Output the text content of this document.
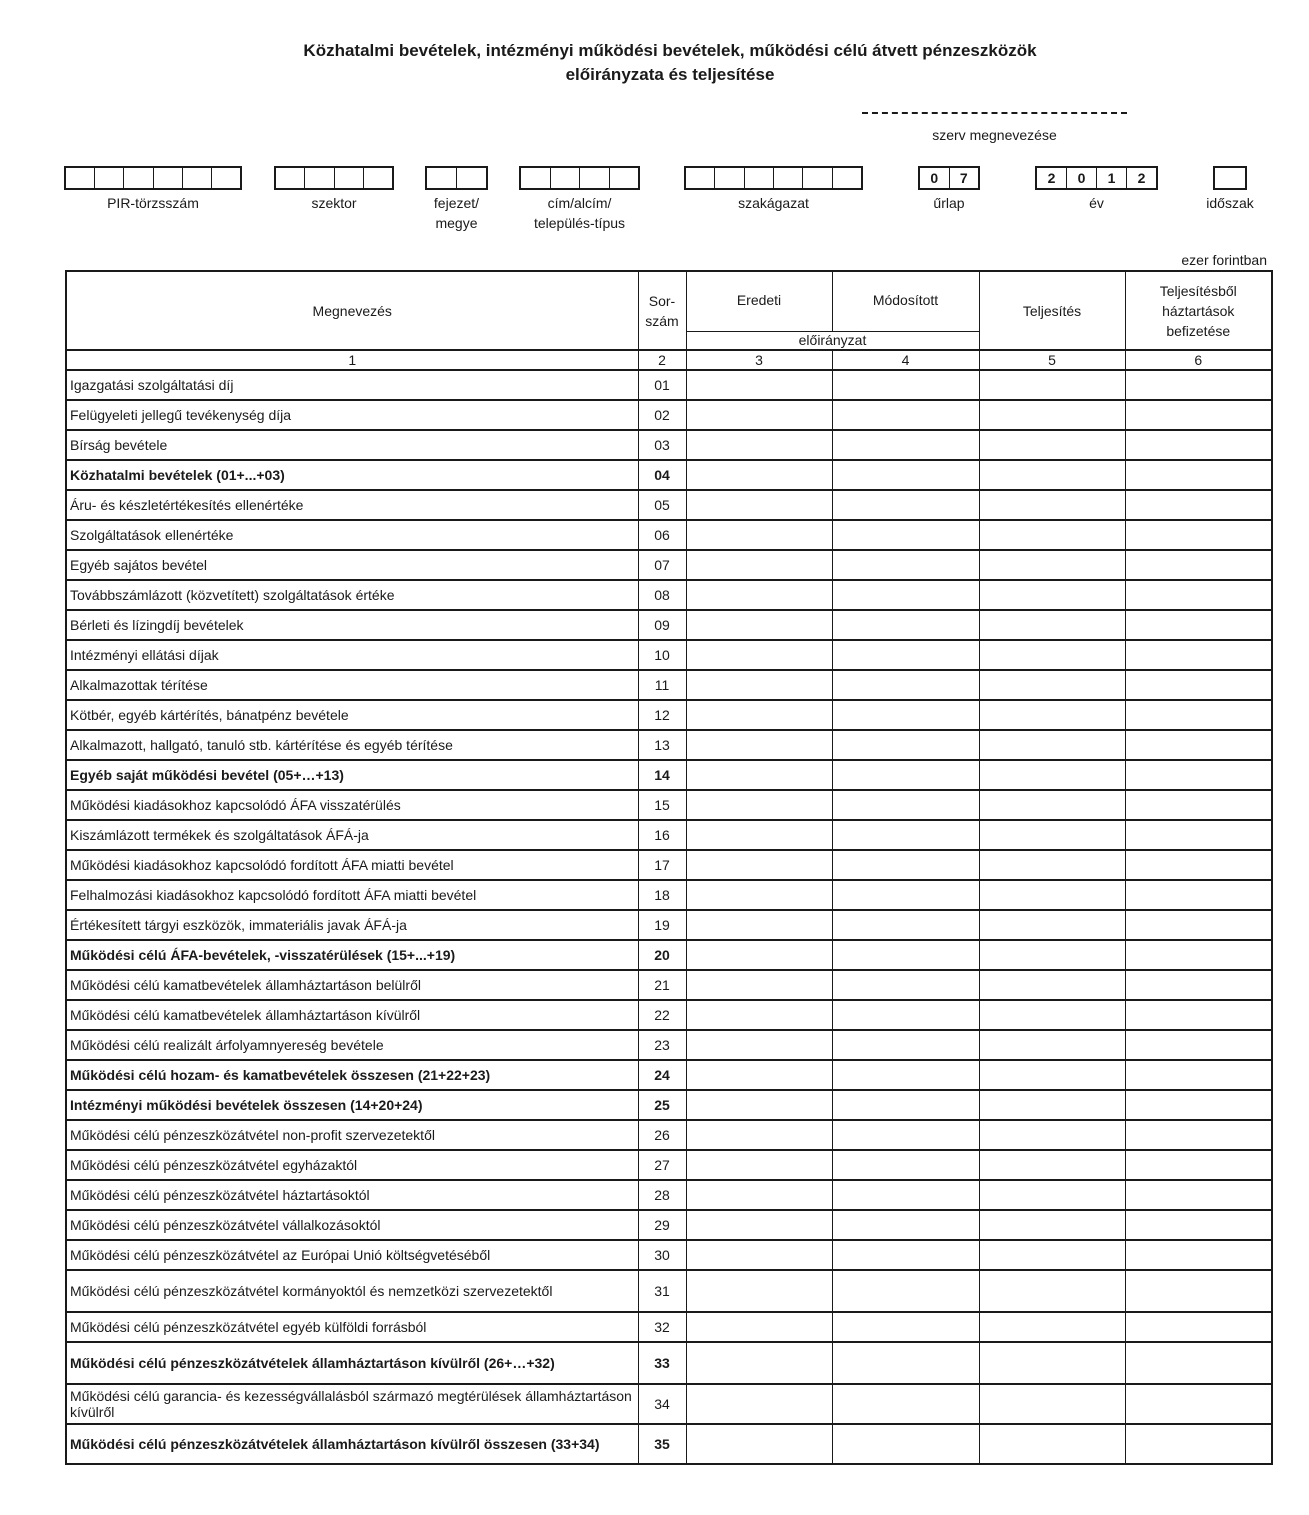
Közhatalmi bevételek, intézményi működési bevételek, működési célú átvett pénzeszközök
előirányzata és teljesítése
szerv megnevezése
PIR-törzsszám	szektor	fejezet/
megye
cím/alcím/
település-típus
szakágazat
0	7
űrlap
2	0	1	2
év	időszak
ezer forintban
Megnevezés	Sor-
szám	Eredeti	Módosított	Teljesítés	Teljesítésből
háztartások
befizetése
		előirányzat			
1	2	3	4	5	6
Igazgatási szolgáltatási díj	01				
Felügyeleti jellegű tevékenység díja	02				
Bírság bevétele	03				
Közhatalmi bevételek (01+...+03)	04				
Áru- és készletértékesítés ellenértéke	05				
Szolgáltatások ellenértéke	06				
Egyéb sajátos bevétel	07				
Továbbszámlázott (közvetített) szolgáltatások értéke	08				
Bérleti és lízingdíj bevételek	09				
Intézményi ellátási díjak	10				
Alkalmazottak térítése	11				
Kötbér, egyéb kártérítés, bánatpénz bevétele	12				
Alkalmazott, hallgató, tanuló stb. kártérítése és egyéb térítése	13				
Egyéb saját működési bevétel (05+…+13)	14				
Működési kiadásokhoz kapcsolódó ÁFA visszatérülés	15				
Kiszámlázott termékek és szolgáltatások ÁFÁ-ja	16				
Működési kiadásokhoz kapcsolódó fordított ÁFA miatti bevétel	17				
Felhalmozási kiadásokhoz kapcsolódó fordított ÁFA miatti bevétel	18				
Értékesített tárgyi eszközök, immateriális javak ÁFÁ-ja	19				
Működési célú ÁFA-bevételek, -visszatérülések (15+...+19)	20				
Működési célú kamatbevételek államháztartáson belülről	21				
Működési célú kamatbevételek államháztartáson kívülről	22				
Működési célú realizált árfolyamnyereség bevétele	23				
Működési célú hozam- és kamatbevételek összesen (21+22+23)	24				
Intézményi működési bevételek összesen (14+20+24)	25				
Működési célú pénzeszközátvétel non-profit szervezetektől	26				
Működési célú pénzeszközátvétel egyházaktól	27				
Működési célú pénzeszközátvétel háztartásoktól	28				
Működési célú pénzeszközátvétel vállalkozásoktól	29				
Működési célú pénzeszközátvétel az Európai Unió költségvetéséből	30				
Működési célú pénzeszközátvétel kormányoktól és nemzetközi szervezetektől	31				
Működési célú pénzeszközátvétel egyéb külföldi forrásból	32				
Működési célú pénzeszközátvételek államháztartáson kívülről (26+…+32)	33				
Működési célú garancia- és kezességvállalásból származó megtérülések államháztartáson kívülről	34				
Működési célú pénzeszközátvételek államháztartáson kívülről összesen (33+34)	35				
